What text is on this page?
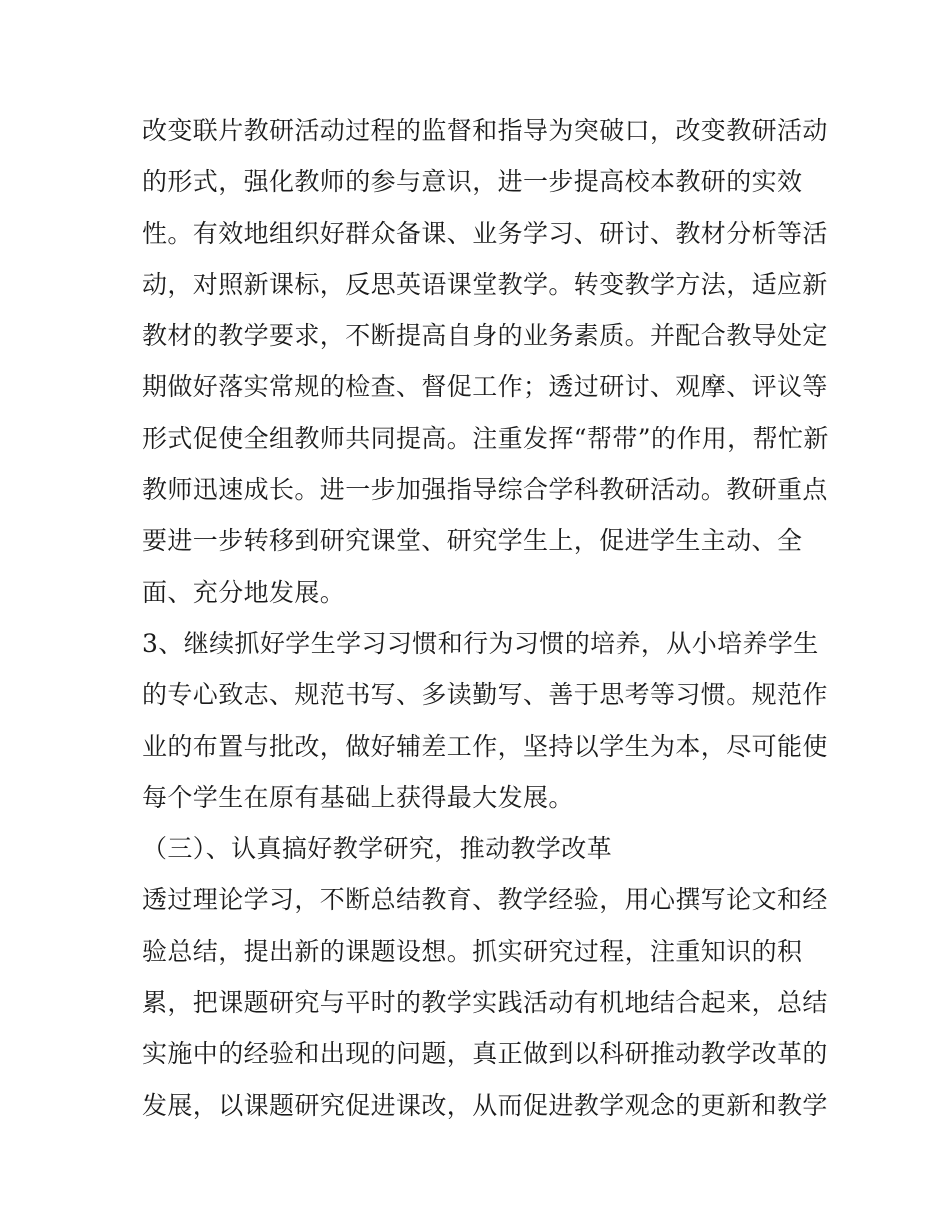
改变联片教研活动过程的监督和指导为突破口，改变教研活动
的形式，强化教师的参与意识，进一步提高校本教研的实效
性。有效地组织好群众备课、业务学习、研讨、教材分析等活
动，对照新课标，反思英语课堂教学。转变教学方法，适应新
教材的教学要求，不断提高自身的业务素质。并配合教导处定
期做好落实常规的检查、督促工作；透过研讨、观摩、评议等
形式促使全组教师共同提高。注重发挥“帮带”的作用，帮忙新
教师迅速成长。进一步加强指导综合学科教研活动。教研重点
要进一步转移到研究课堂、研究学生上，促进学生主动、全
面、充分地发展。
3、继续抓好学生学习习惯和行为习惯的培养，从小培养学生
的专心致志、规范书写、多读勤写、善于思考等习惯。规范作
业的布置与批改，做好辅差工作，坚持以学生为本，尽可能使
每个学生在原有基础上获得最大发展。
（三）、认真搞好教学研究，推动教学改革
透过理论学习，不断总结教育、教学经验，用心撰写论文和经
验总结，提出新的课题设想。抓实研究过程，注重知识的积
累，把课题研究与平时的教学实践活动有机地结合起来，总结
实施中的经验和出现的问题，真正做到以科研推动教学改革的
发展，以课题研究促进课改，从而促进教学观念的更新和教学
